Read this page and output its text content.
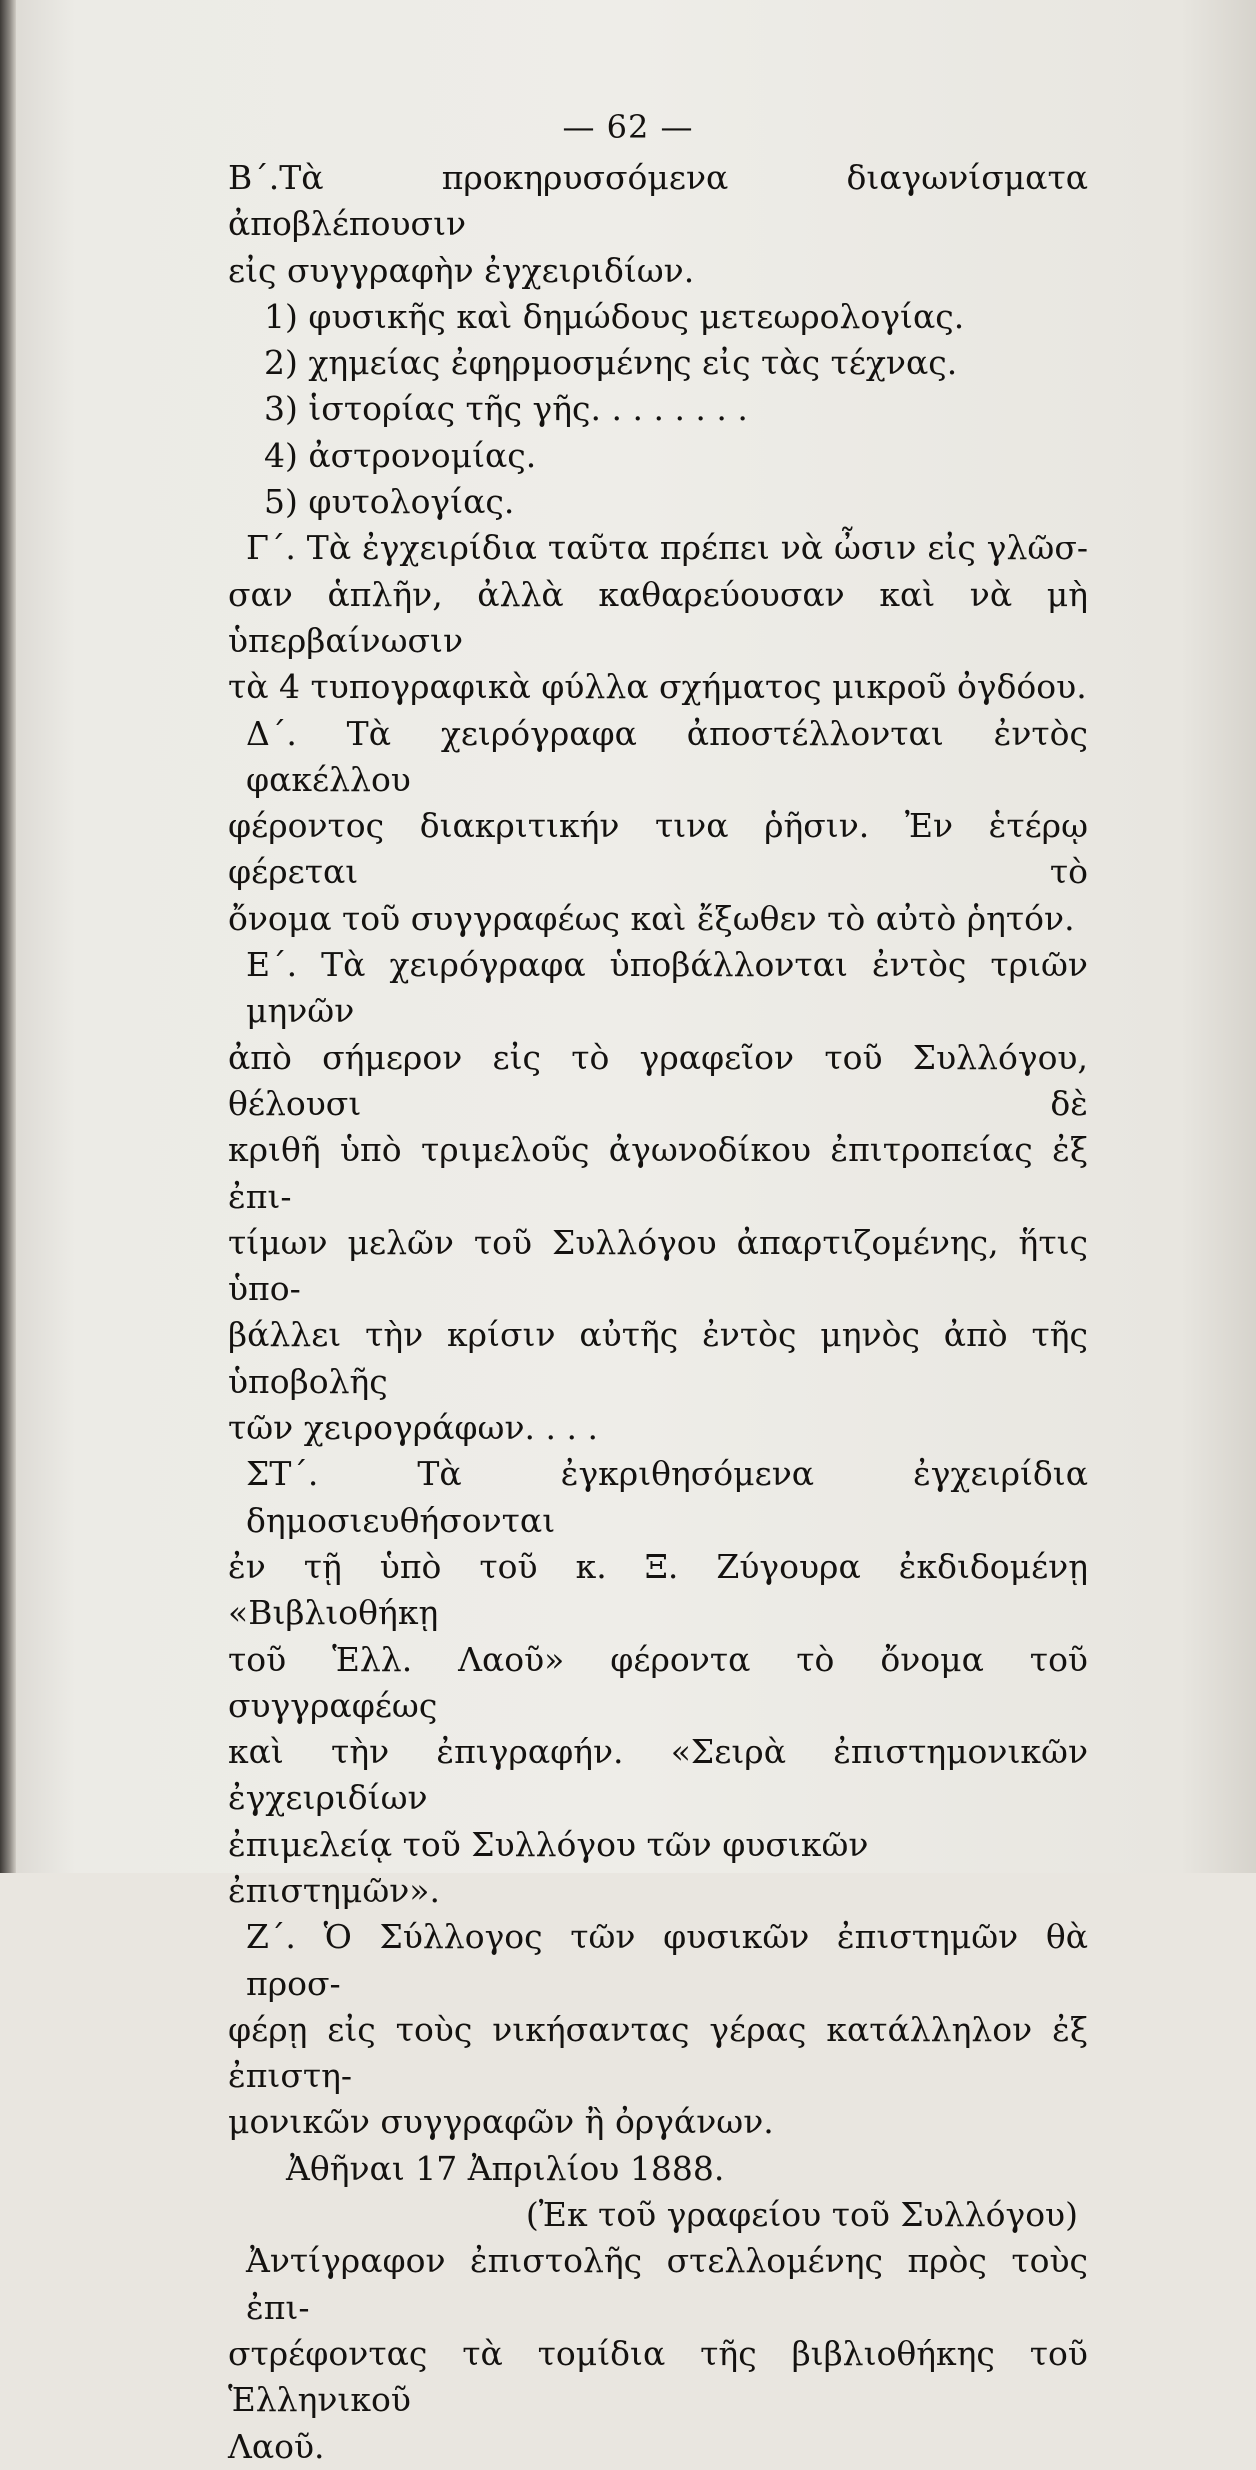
— 62 —

Β΄.Τὰ προκηρυσσόμενα διαγωνίσματα ἀποβλέπουσιν

εἰς συγγραφὴν ἐγχειριδίων.

1) φυσικῆς καὶ δημώδους μετεωρολογίας.

2) χημείας ἐφηρμοσμένης εἰς τὰς τέχνας.

3) ἱστορίας τῆς γῆς. . . . . . . .

4) ἀστρονομίας.

5) φυτολογίας.

Γ΄. Τὰ ἐγχειρίδια ταῦτα πρέπει νὰ ὦσιν εἰς γλῶσ-

σαν ἁπλῆν, ἀλλὰ καθαρεύουσαν καὶ νὰ μὴ ὑπερβαίνωσιν

τὰ 4 τυπογραφικὰ φύλλα σχήματος μικροῦ ὀγδόου.

Δ΄. Τὰ χειρόγραφα ἀποστέλλονται ἐντὸς φακέλλου

φέροντος διακριτικήν τινα ῥῆσιν. Ἐν ἑτέρῳ φέρεται τὸ

ὄνομα τοῦ συγγραφέως καὶ ἔξωθεν τὸ αὐτὸ ῥητόν.

Ε΄. Τὰ χειρόγραφα ὑποβάλλονται ἐντὸς τριῶν μηνῶν

ἀπὸ σήμερον εἰς τὸ γραφεῖον τοῦ Συλλόγου, θέλουσι δὲ

κριθῆ ὑπὸ τριμελοῦς ἀγωνοδίκου ἐπιτροπείας ἐξ ἐπι-

τίμων μελῶν τοῦ Συλλόγου ἀπαρτιζομένης, ἥτις ὑπο-

βάλλει τὴν κρίσιν αὐτῆς ἐντὸς μηνὸς ἀπὸ τῆς ὑποβολῆς

τῶν χειρογράφων. . . .

ΣΤ΄. Τὰ ἐγκριθησόμενα ἐγχειρίδια δημοσιευθήσονται

ἐν τῇ ὑπὸ τοῦ κ. Ξ. Ζύγουρα ἐκδιδομένῃ «Βιβλιοθήκῃ

τοῦ Ἑλλ. Λαοῦ» φέροντα τὸ ὄνομα τοῦ συγγραφέως

καὶ τὴν ἐπιγραφήν. «Σειρὰ ἐπιστημονικῶν ἐγχειριδίων

ἐπιμελείᾳ τοῦ Συλλόγου τῶν φυσικῶν ἐπιστημῶν».

Ζ΄. Ὁ Σύλλογος τῶν φυσικῶν ἐπιστημῶν θὰ προσ-

φέρῃ εἰς τοὺς νικήσαντας γέρας κατάλληλον ἐξ ἐπιστη-

μονικῶν συγγραφῶν ἢ ὀργάνων.

Ἀθῆναι 17 Ἀπριλίου 1888.

(Ἐκ τοῦ γραφείου τοῦ Συλλόγου)

Ἀντίγραφον ἐπιστολῆς στελλομένης πρὸς τοὺς ἐπι-

στρέφοντας τὰ τομίδια τῆς βιβλιοθήκης τοῦ Ἑλληνικοῦ

Λαοῦ.
